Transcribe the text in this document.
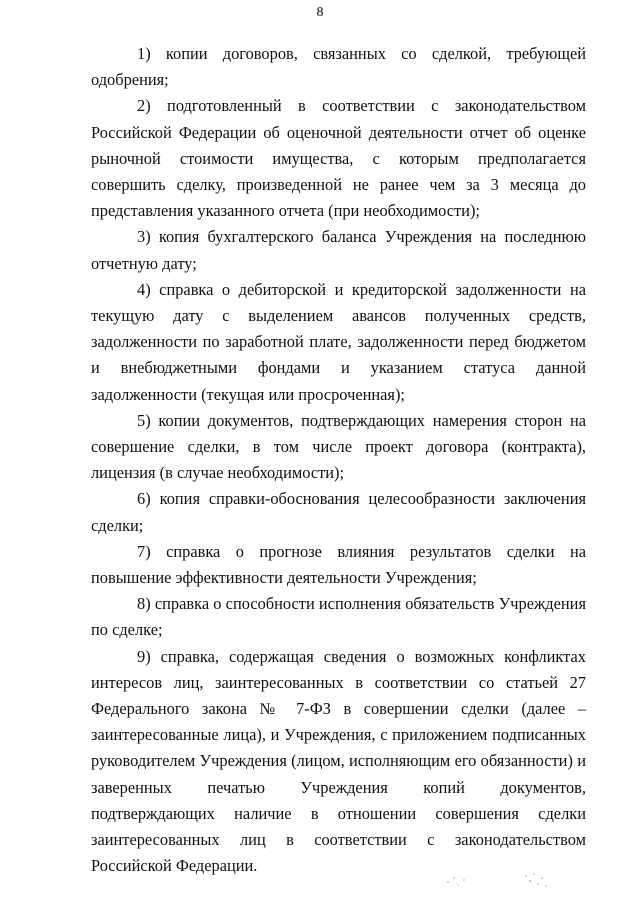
8

1) копии договоров, связанных со сделкой, требующей одобрения;

2) подготовленный в соответствии с законодательством Российской Федерации об оценочной деятельности отчет об оценке рыночной стоимости имущества, с которым предполагается совершить сделку, произведенной не ранее чем за 3 месяца до представления указанного отчета (при необходимости);

3) копия бухгалтерского баланса Учреждения на последнюю отчетную дату;

4) справка о дебиторской и кредиторской задолженности на текущую дату с выделением авансов полученных средств, задолженности по заработной плате, задолженности перед бюджетом и внебюджетными фондами и указанием статуса данной задолженности (текущая или просроченная);

5) копии документов, подтверждающих намерения сторон на совершение сделки, в том числе проект договора (контракта), лицензия (в случае необходимости);

6) копия справки-обоснования целесообразности заключения сделки;

7) справка о прогнозе влияния результатов сделки на повышение эффективности деятельности Учреждения;

8) справка о способности исполнения обязательств Учреждения по сделке;

9) справка, содержащая сведения о возможных конфликтах интересов лиц, заинтересованных в соответствии со статьей 27 Федерального закона № 7-ФЗ в совершении сделки (далее – заинтересованные лица), и Учреждения, с приложением подписанных руководителем Учреждения (лицом, исполняющим его обязанности) и заверенных печатью Учреждения копий документов, подтверждающих наличие в отношении совершения сделки заинтересованных лиц в соответствии с законодательством Российской Федерации.
